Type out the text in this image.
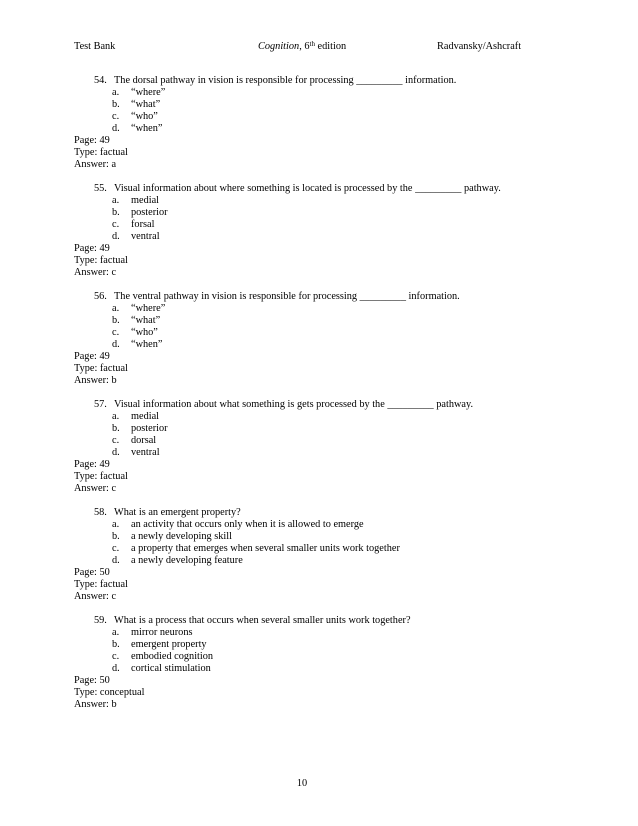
Test Bank	Cognition, 6th edition	Radvansky/Ashcraft
54. The dorsal pathway in vision is responsible for processing _________ information.
a. “where”
b. “what”
c. “who”
d. “when”
Page: 49
Type: factual
Answer: a
55. Visual information about where something is located is processed by the _________ pathway.
a. medial
b. posterior
c. forsal
d. ventral
Page: 49
Type: factual
Answer: c
56. The ventral pathway in vision is responsible for processing _________ information.
a. “where”
b. “what”
c. “who”
d. “when”
Page: 49
Type: factual
Answer: b
57. Visual information about what something is gets processed by the _________ pathway.
a. medial
b. posterior
c. dorsal
d. ventral
Page: 49
Type: factual
Answer: c
58. What is an emergent property?
a. an activity that occurs only when it is allowed to emerge
b. a newly developing skill
c. a property that emerges when several smaller units work together
d. a newly developing feature
Page: 50
Type: factual
Answer: c
59. What is a process that occurs when several smaller units work together?
a. mirror neurons
b. emergent property
c. embodied cognition
d. cortical stimulation
Page: 50
Type: conceptual
Answer: b
10
